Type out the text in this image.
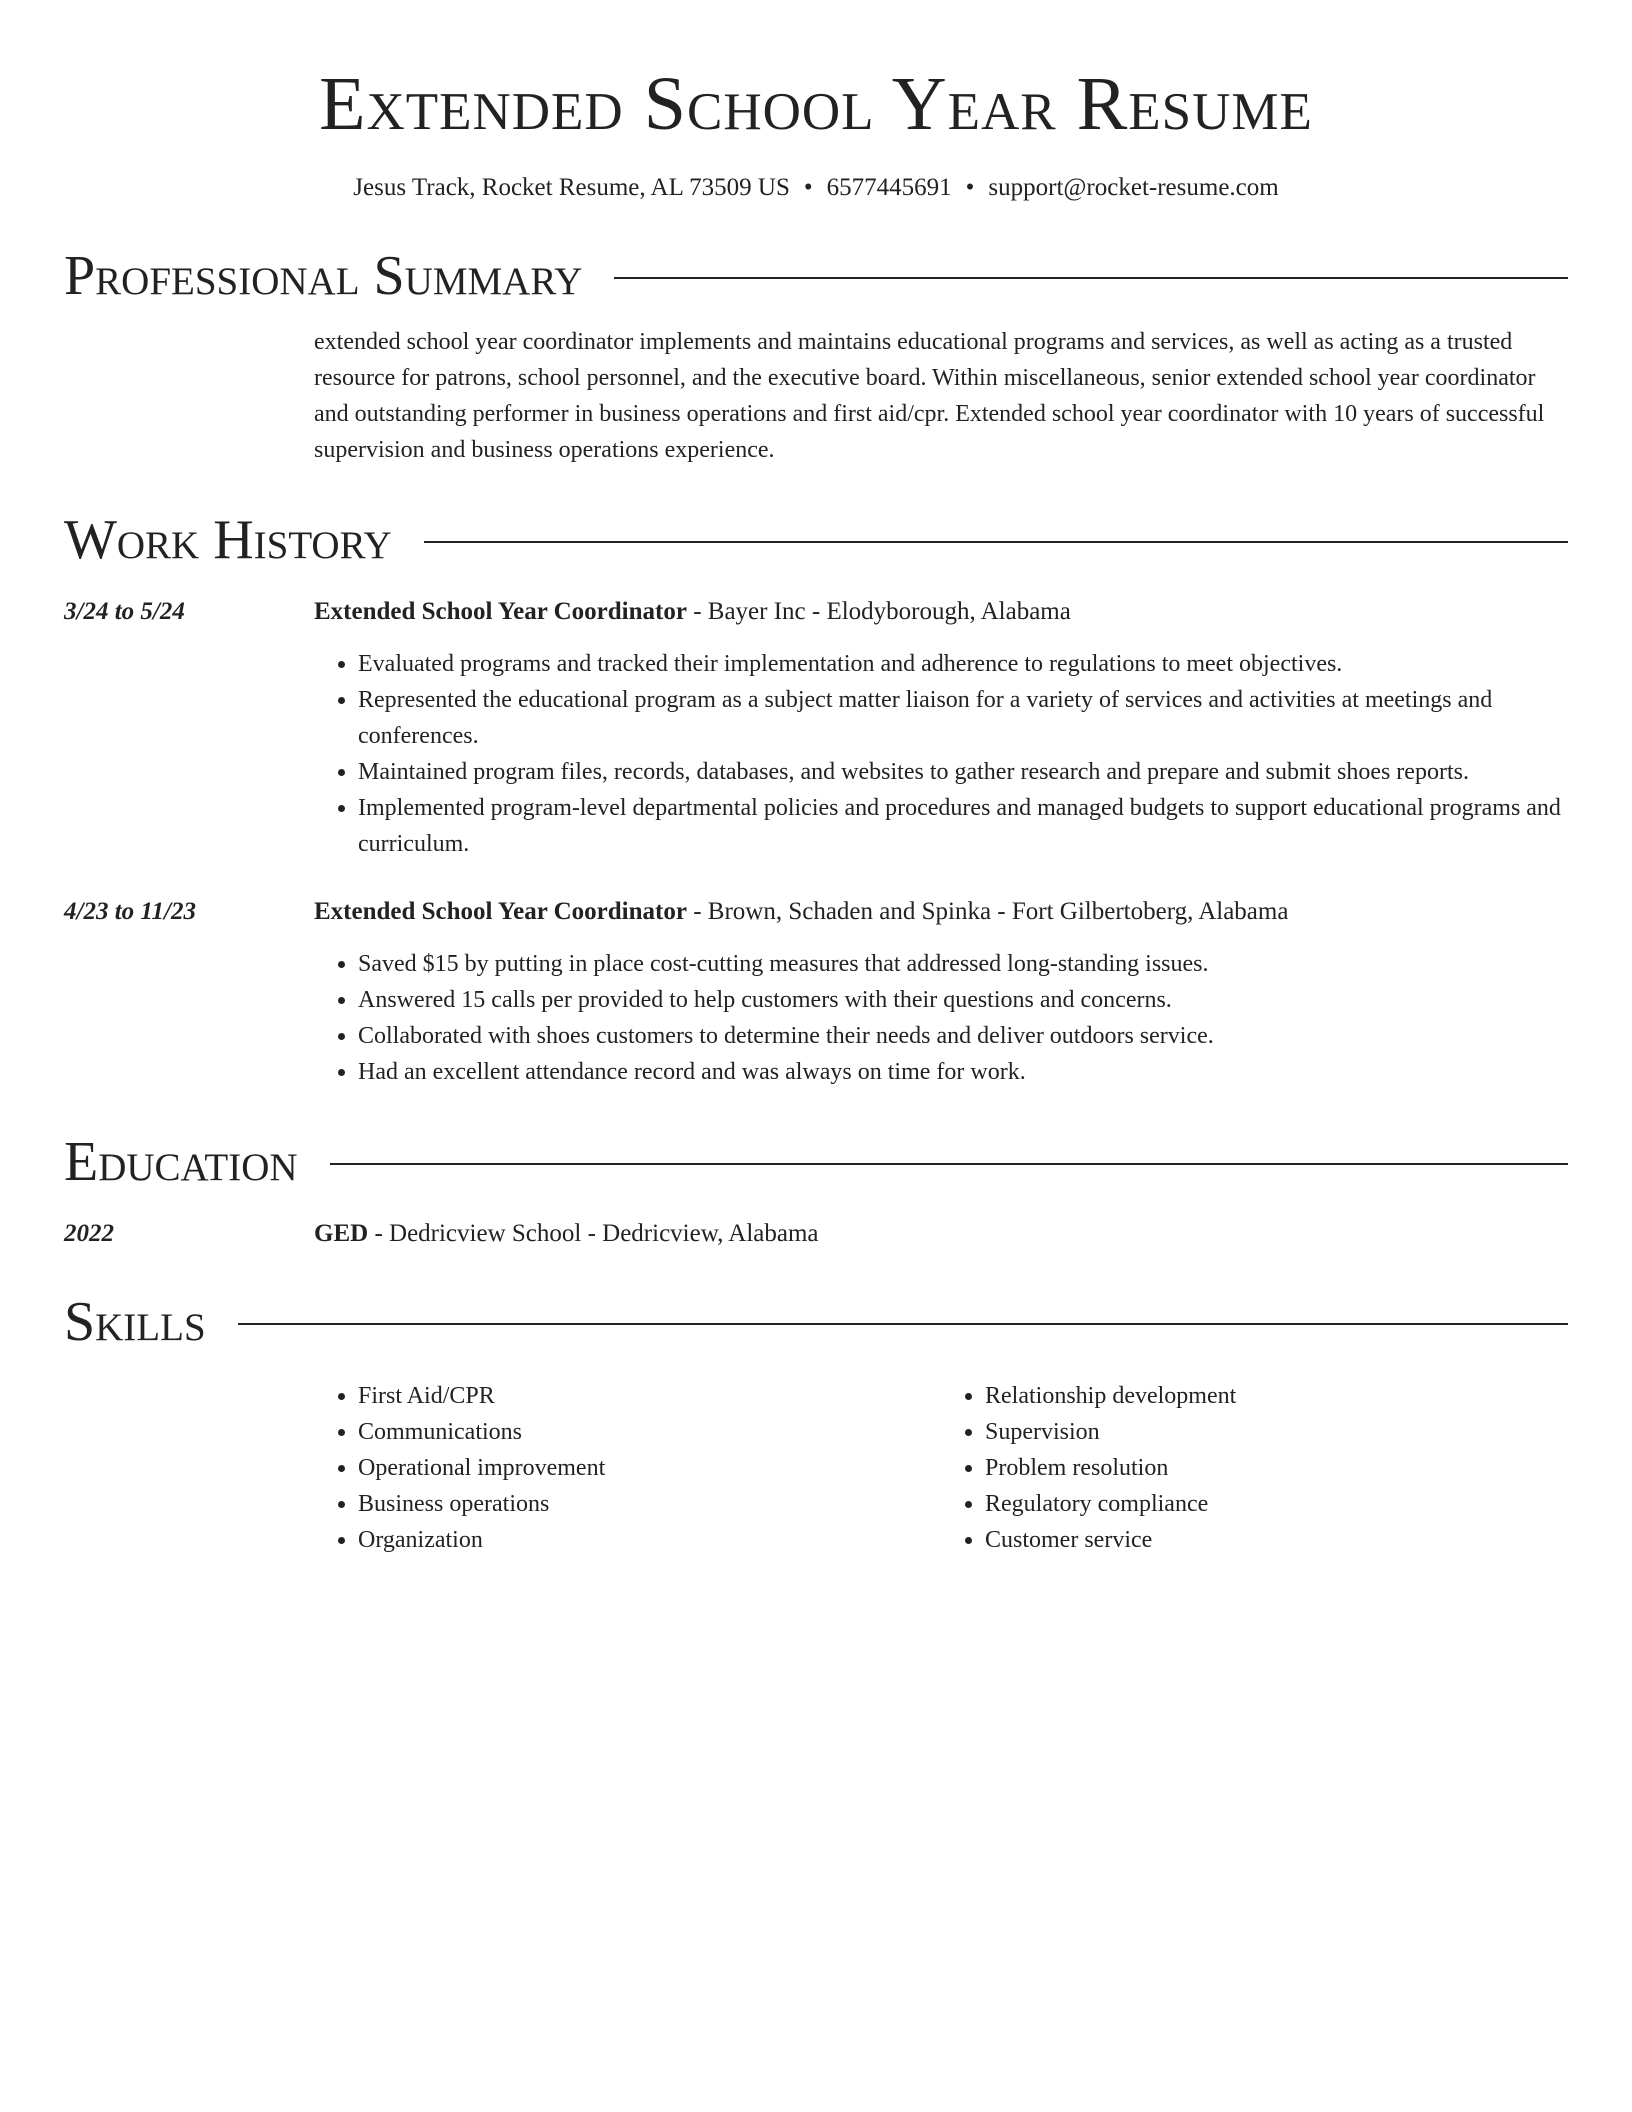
Extended School Year Resume
Jesus Track, Rocket Resume, AL 73509 US • 6577445691 • support@rocket-resume.com
Professional Summary
extended school year coordinator implements and maintains educational programs and services, as well as acting as a trusted resource for patrons, school personnel, and the executive board. Within miscellaneous, senior extended school year coordinator and outstanding performer in business operations and first aid/cpr. Extended school year coordinator with 10 years of successful supervision and business operations experience.
Work History
3/24 to 5/24	Extended School Year Coordinator - Bayer Inc - Elodyborough, Alabama
• Evaluated programs and tracked their implementation and adherence to regulations to meet objectives.
• Represented the educational program as a subject matter liaison for a variety of services and activities at meetings and conferences.
• Maintained program files, records, databases, and websites to gather research and prepare and submit shoes reports.
• Implemented program-level departmental policies and procedures and managed budgets to support educational programs and curriculum.
4/23 to 11/23	Extended School Year Coordinator - Brown, Schaden and Spinka - Fort Gilbertoberg, Alabama
• Saved $15 by putting in place cost-cutting measures that addressed long-standing issues.
• Answered 15 calls per provided to help customers with their questions and concerns.
• Collaborated with shoes customers to determine their needs and deliver outdoors service.
• Had an excellent attendance record and was always on time for work.
Education
2022	GED - Dedricview School - Dedricview, Alabama
Skills
• First Aid/CPR
• Communications
• Operational improvement
• Business operations
• Organization
• Relationship development
• Supervision
• Problem resolution
• Regulatory compliance
• Customer service
